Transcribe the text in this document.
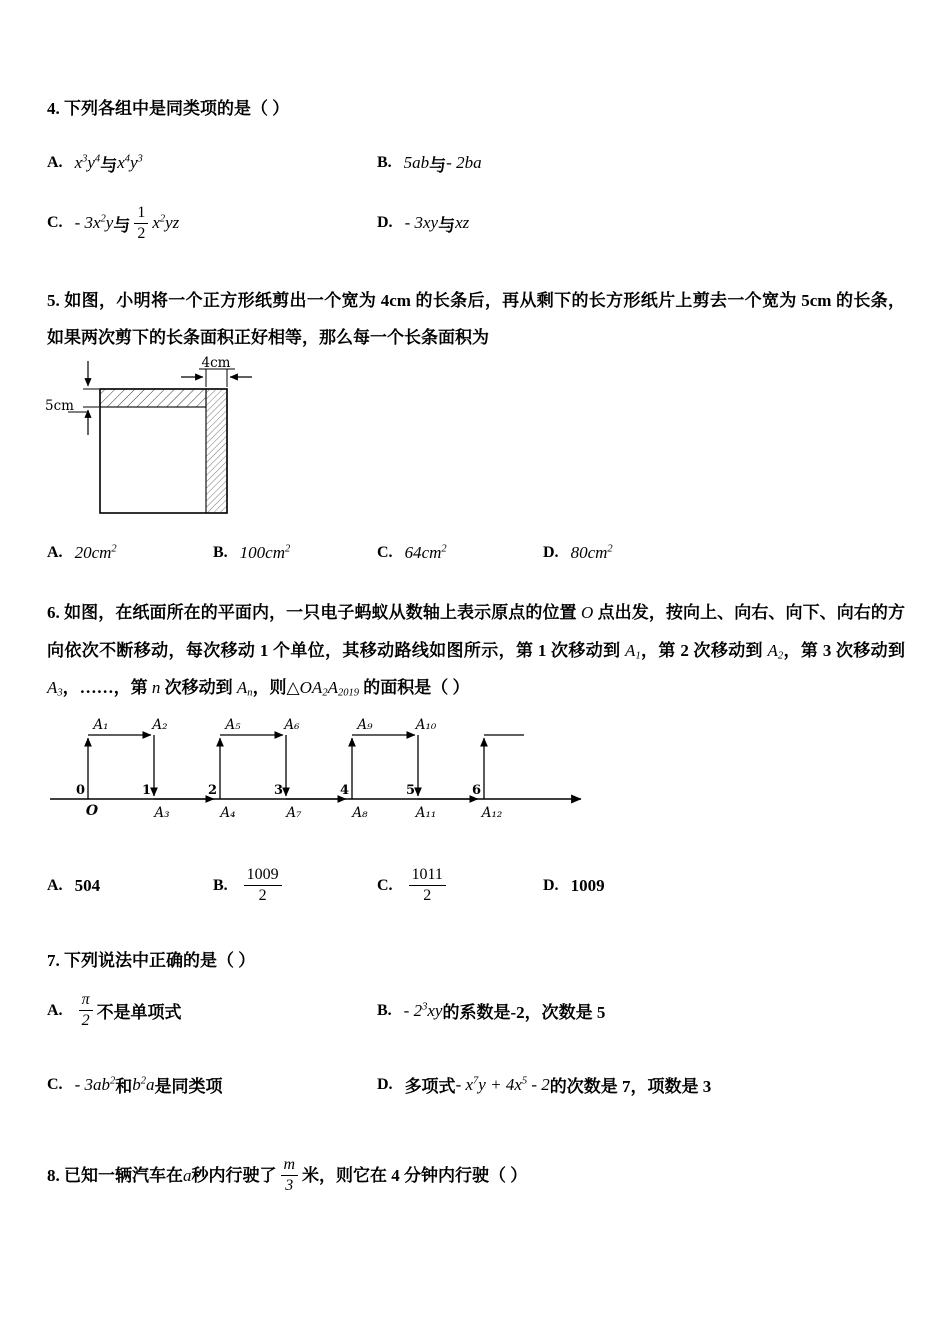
4. 下列各组中是同类项的是（ ）

A. $x^3y^4$ 与 $x^4y^3$	B. 5ab 与 - 2ba
C. - $3x^2y$ 与 $\frac{1}{2} x^2yz$	D. - 3xy 与 xz

5. 如图，小明将一个正方形纸剪出一个宽为 4cm 的长条后，再从剩下的长方形纸片上剪去一个宽为 5cm 的长条，如果两次剪下的长条面积正好相等，那么每一个长条面积为

4cm
5cm
A. $20cm^2$	B. $100cm^2$	C. $64cm^2$	D. $80cm^2$

6. 如图，在纸面所在的平面内，一只电子蚂蚁从数轴上表示原点的位置 O 点出发，按向上、向右、向下、向右的方向依次不断移动，每次移动 1 个单位，其移动路线如图所示，第 1 次移动到 $A_1$，第 2 次移动到 $A_2$，第 3 次移动到 $A_3$，……，第 n 次移动到 $A_n$，则$\triangle OA_2A_{2019}$ 的面积是（ ）

0	1	2	3	4	5	6
O
A₁	A₂	A₅	A₆	A₉	A₁₀
A₃	A₄	A₇	A₈	A₁₁	A₁₂
A. 504	B. $\frac{1009}{2}$	C. $\frac{1011}{2}$	D. 1009

7. 下列说法中正确的是（ ）

A. $\frac{\pi}{2}$ 不是单项式	B. - $2^3xy$ 的系数是-2，次数是 5
C. - $3ab^2$ 和 $b^2a$ 是同类项	D. 多项式 - $x^7y + 4x^5 - 2$ 的次数是 7，项数是 3

8. 已知一辆汽车在 a 秒内行驶了 $\frac{m}{3}$ 米，则它在 4 分钟内行驶（ ）
